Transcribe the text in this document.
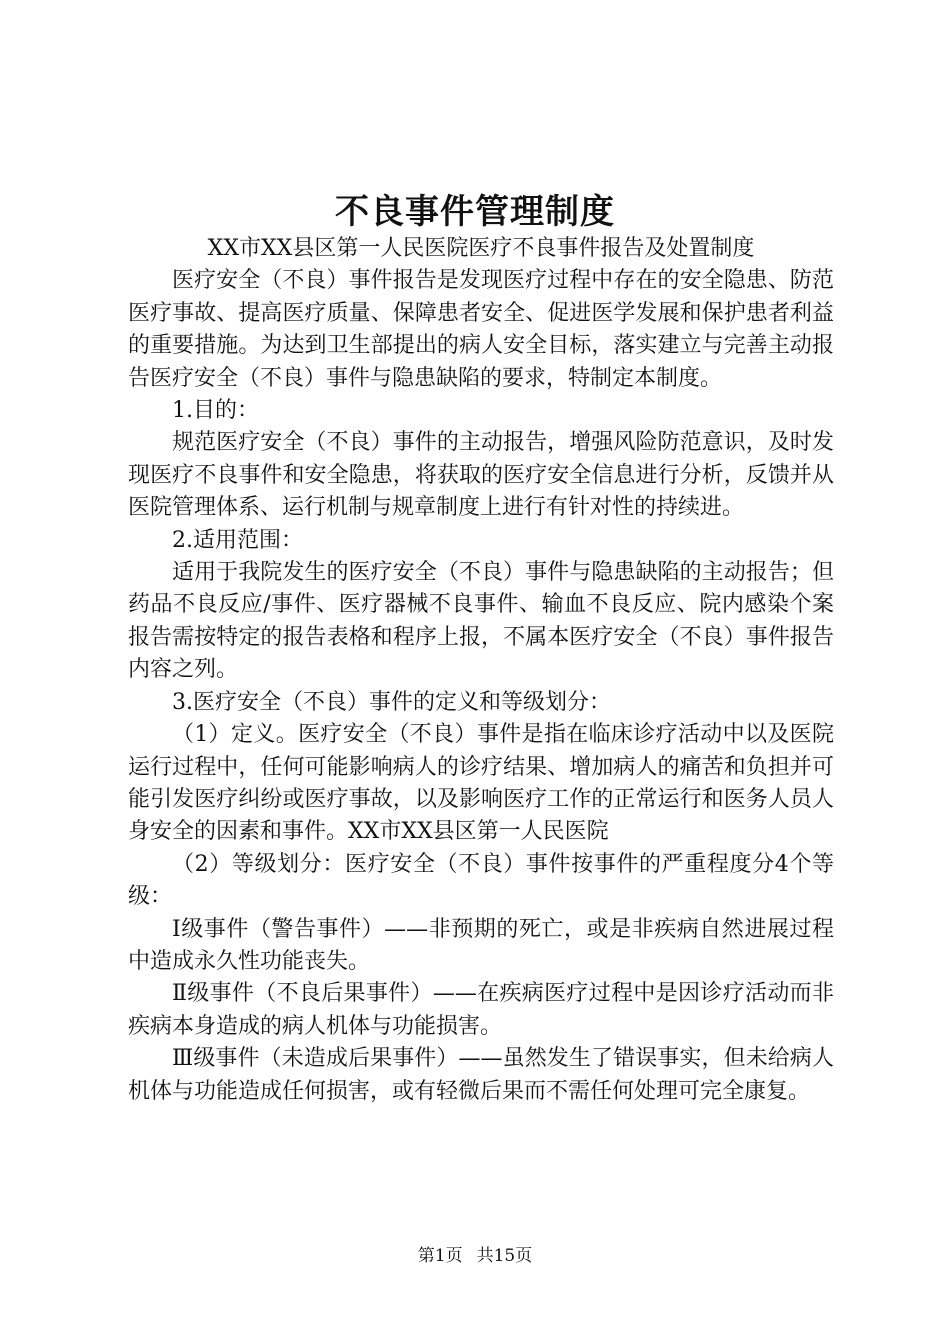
不良事件管理制度

XX市XX县区第一人民医院医疗不良事件报告及处置制度

医疗安全（不良）事件报告是发现医疗过程中存在的安全隐患、防范医疗事故、提高医疗质量、保障患者安全、促进医学发展和保护患者利益的重要措施。为达到卫生部提出的病人安全目标，落实建立与完善主动报告医疗安全（不良）事件与隐患缺陷的要求，特制定本制度。

1.目的：

规范医疗安全（不良）事件的主动报告，增强风险防范意识，及时发现医疗不良事件和安全隐患，将获取的医疗安全信息进行分析，反馈并从医院管理体系、运行机制与规章制度上进行有针对性的持续进。

2.适用范围：

适用于我院发生的医疗安全（不良）事件与隐患缺陷的主动报告；但药品不良反应/事件、医疗器械不良事件、输血不良反应、院内感染个案报告需按特定的报告表格和程序上报，不属本医疗安全（不良）事件报告内容之列。

3.医疗安全（不良）事件的定义和等级划分：

（1）定义。医疗安全（不良）事件是指在临床诊疗活动中以及医院运行过程中，任何可能影响病人的诊疗结果、增加病人的痛苦和负担并可能引发医疗纠纷或医疗事故，以及影响医疗工作的正常运行和医务人员人身安全的因素和事件。XX市XX县区第一人民医院

（2）等级划分：医疗安全（不良）事件按事件的严重程度分4个等级：

Ⅰ级事件（警告事件）——非预期的死亡，或是非疾病自然进展过程中造成永久性功能丧失。

Ⅱ级事件（不良后果事件）——在疾病医疗过程中是因诊疗活动而非疾病本身造成的病人机体与功能损害。

Ⅲ级事件（未造成后果事件）——虽然发生了错误事实，但未给病人机体与功能造成任何损害，或有轻微后果而不需任何处理可完全康复。

第1页 共15页
